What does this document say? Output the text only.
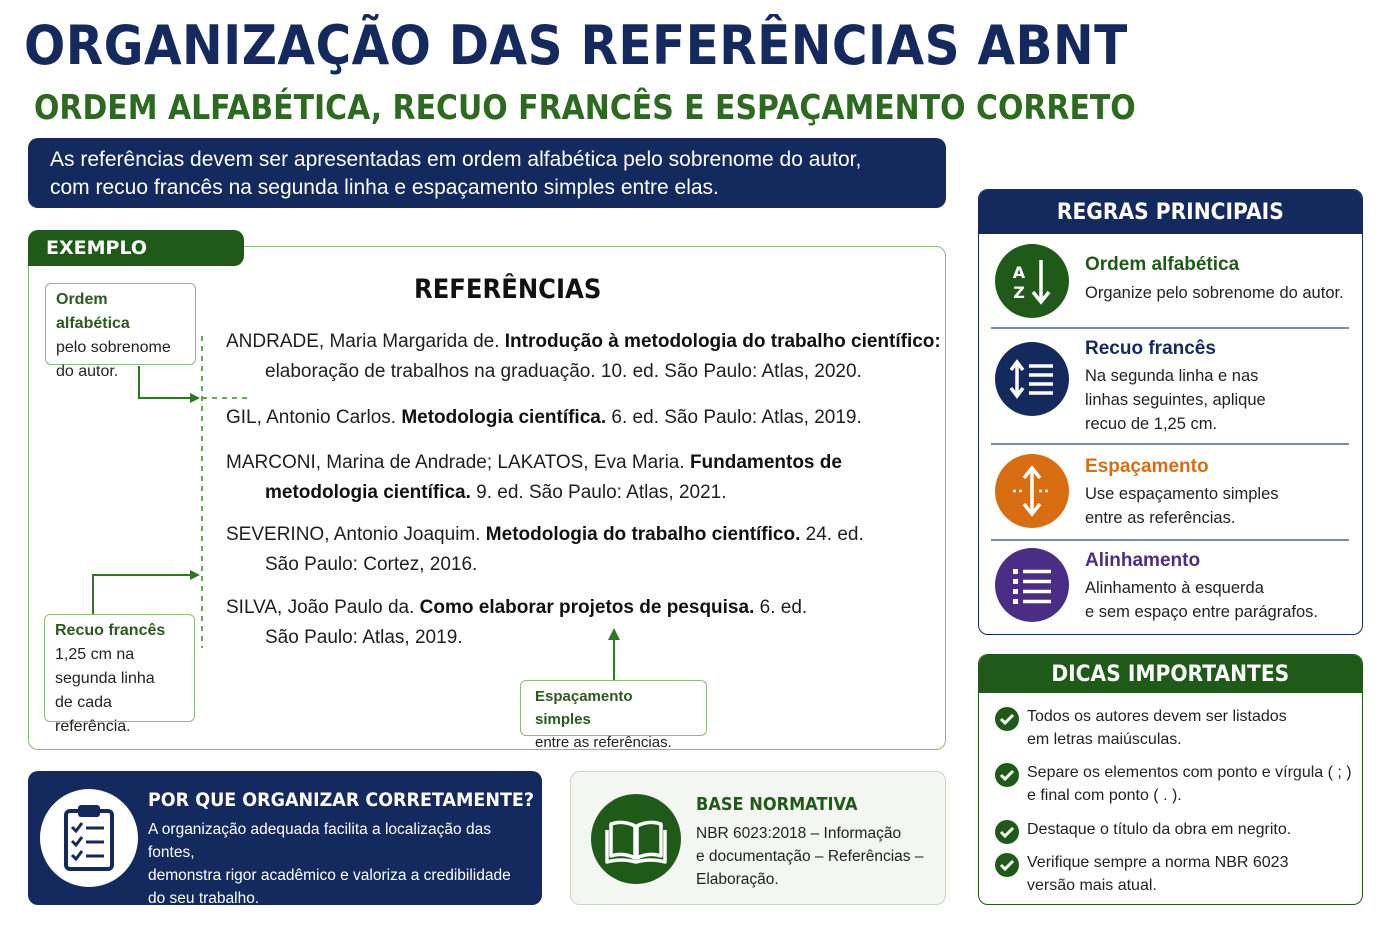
ORGANIZAÇÃO DAS REFERÊNCIAS ABNT
ORDEM ALFABÉTICA, RECUO FRANCÊS E ESPAÇAMENTO CORRETO
As referências devem ser apresentadas em ordem alfabética pelo sobrenome do autor,
com recuo francês na segunda linha e espaçamento simples entre elas.
EXEMPLO
REFERÊNCIAS
Ordem alfabética
pelo sobrenome
do autor.
Recuo francês
1,25 cm na
segunda linha
de cada referência.
Espaçamento simples
entre as referências.
ANDRADE, Maria Margarida de. Introdução à metodologia do trabalho científico:
elaboração de trabalhos na graduação. 10. ed. São Paulo: Atlas, 2020.
GIL, Antonio Carlos. Metodologia científica. 6. ed. São Paulo: Atlas, 2019.
MARCONI, Marina de Andrade; LAKATOS, Eva Maria. Fundamentos de
metodologia científica. 9. ed. São Paulo: Atlas, 2021.
SEVERINO, Antonio Joaquim. Metodologia do trabalho científico. 24. ed.
São Paulo: Cortez, 2016.
SILVA, João Paulo da. Como elaborar projetos de pesquisa. 6. ed.
São Paulo: Atlas, 2019.
POR QUE ORGANIZAR CORRETAMENTE?
A organização adequada facilita a localização das fontes,
demonstra rigor acadêmico e valoriza a credibilidade
do seu trabalho.
BASE NORMATIVA
NBR 6023:2018 – Informação
e documentação – Referências –
Elaboração.
REGRAS PRINCIPAIS
A
Z
Ordem alfabética
Organize pelo sobrenome do autor.
Recuo francês
Na segunda linha e nas
linhas seguintes, aplique
recuo de 1,25 cm.
Espaçamento
Use espaçamento simples
entre as referências.
Alinhamento
Alinhamento à esquerda
e sem espaço entre parágrafos.
DICAS IMPORTANTES
Todos os autores devem ser listados
em letras maiúsculas.
Separe os elementos com ponto e vírgula ( ; )
e final com ponto ( . ).
Destaque o título da obra em negrito.
Verifique sempre a norma NBR 6023
versão mais atual.
